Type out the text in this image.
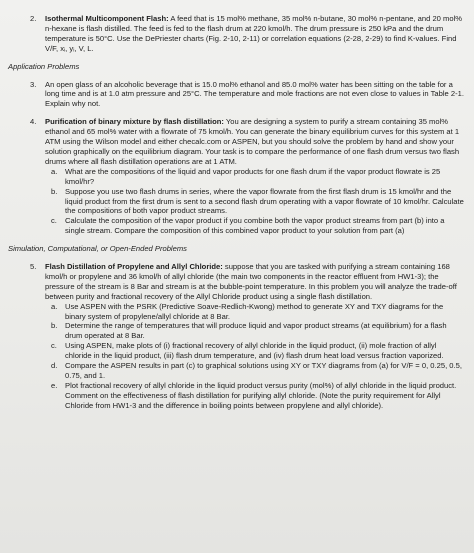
2.	Isothermal Multicomponent Flash: A feed that is 15 mol% methane, 35 mol% n-butane, 30 mol% n-pentane, and 20 mol% n-hexane is flash distilled. The feed is fed to the flash drum at 220 kmol/h. The drum pressure is 250 kPa and the drum temperature is 50°C. Use the DePriester charts (Fig. 2-10, 2-11) or correlation equations (2-28, 2-29) to find K-values. Find V/F, xᵢ, yᵢ, V, L.
Application Problems
3.	An open glass of an alcoholic beverage that is 15.0 mol% ethanol and 85.0 mol% water has been sitting on the table for a long time and is at 1.0 atm pressure and 25°C. The temperature and mole fractions are not even close to values in Table 2-1. Explain why not.
4.	Purification of binary mixture by flash distillation: You are designing a system to purify a stream containing 35 mol% ethanol and 65 mol% water with a flowrate of 75 kmol/h. You can generate the binary equilibrium curves for this system at 1 ATM using the Wilson model and either checalc.com or ASPEN, but you should solve the problem by hand and show your solution graphically on the equilibrium diagram. Your task is to compare the performance of one flash drum versus two flash drums where all flash distillation operations are at 1 ATM.
a.	What are the compositions of the liquid and vapor products for one flash drum if the vapor product flowrate is 25 kmol/hr?
b.	Suppose you use two flash drums in series, where the vapor flowrate from the first flash drum is 15 kmol/hr and the liquid product from the first drum is sent to a second flash drum operating with a vapor flowrate of 10 kmol/hr. Calculate the compositions of both vapor product streams.
c.	Calculate the composition of the vapor product if you combine both the vapor product streams from part (b) into a single stream. Compare the composition of this combined vapor product to your solution from part (a)
Simulation, Computational, or Open-Ended Problems
5.	Flash Distillation of Propylene and Allyl Chloride: suppose that you are tasked with purifying a stream containing 168 kmol/h or propylene and 36 kmol/h of allyl chloride (the main two components in the reactor effluent from HW1-3); the pressure of the stream is 8 Bar and stream is at the bubble-point temperature. In this problem you will analyze the trade-off between purity and fractional recovery of the Allyl Chloride product using a single flash distillation.
a.	Use ASPEN with the PSRK (Predictive Soave-Redlich-Kwong) method to generate XY and TXY diagrams for the binary system of propylene/allyl chloride at 8 Bar.
b.	Determine the range of temperatures that will produce liquid and vapor product streams (at equilibrium) for a flash drum operated at 8 Bar.
c.	Using ASPEN, make plots of (i) fractional recovery of allyl chloride in the liquid product, (ii) mole fraction of allyl chloride in the liquid product, (iii) flash drum temperature, and (iv) flash drum heat load versus fraction vaporized.
d.	Compare the ASPEN results in part (c) to graphical solutions using XY or TXY diagrams from (a) for V/F = 0, 0.25, 0.5, 0.75, and 1.
e.	Plot fractional recovery of allyl chloride in the liquid product versus purity (mol%) of allyl chloride in the liquid product. Comment on the effectiveness of flash distillation for purifying allyl chloride. (Note the purity requirement for Allyl Chloride from HW1-3 and the difference in boiling points between propylene and allyl chloride).
